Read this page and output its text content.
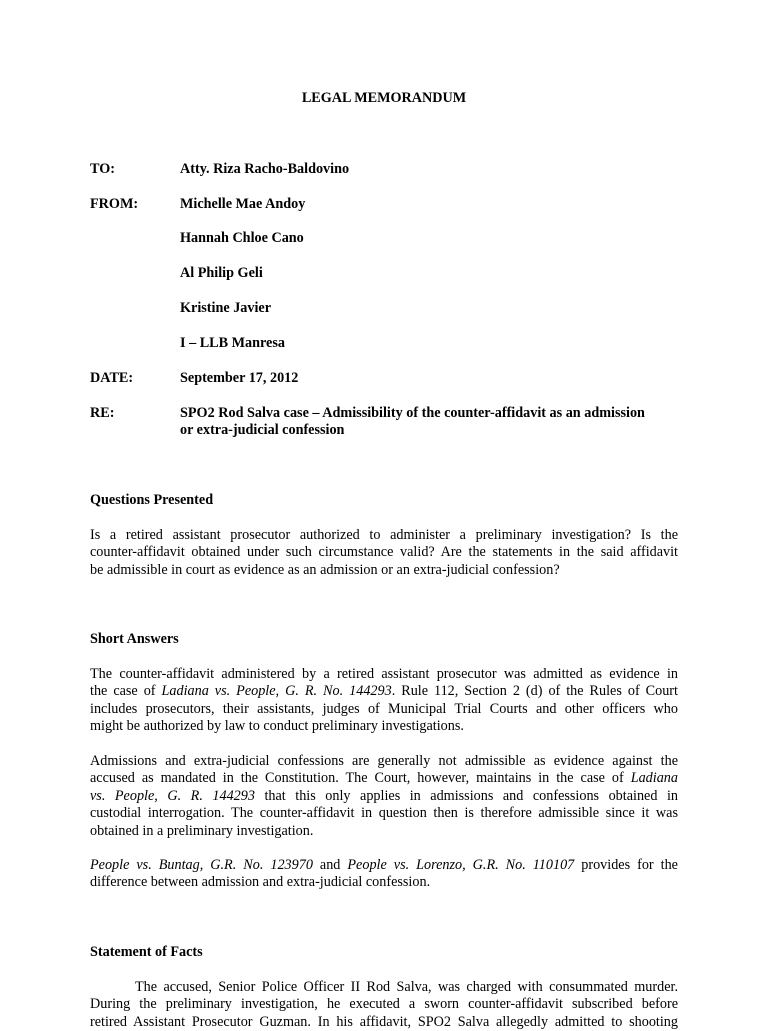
LEGAL MEMORANDUM
TO:	Atty. Riza Racho-Baldovino
FROM:	Michelle Mae Andoy
Hannah Chloe Cano
Al Philip Geli
Kristine Javier
I – LLB Manresa
DATE:	September 17, 2012
RE:	SPO2 Rod Salva case – Admissibility of the counter-affidavit as an admission
or extra-judicial confession
Questions Presented
Is a retired assistant prosecutor authorized to administer a preliminary investigation? Is the
counter-affidavit obtained under such circumstance valid? Are the statements in the said affidavit
be admissible in court as evidence as an admission or an extra-judicial confession?
Short Answers
The counter-affidavit administered by a retired assistant prosecutor was admitted as evidence in
the case of Ladiana vs. People, G. R. No. 144293. Rule 112, Section 2 (d) of the Rules of Court
includes prosecutors, their assistants, judges of Municipal Trial Courts and other officers who
might be authorized by law to conduct preliminary investigations.
Admissions and extra-judicial confessions are generally not admissible as evidence against the
accused as mandated in the Constitution. The Court, however, maintains in the case of Ladiana
vs. People, G. R. 144293 that this only applies in admissions and confessions obtained in
custodial interrogation. The counter-affidavit in question then is therefore admissible since it was
obtained in a preliminary investigation.
People vs. Buntag, G.R. No. 123970 and People vs. Lorenzo, G.R. No. 110107 provides for the
difference between admission and extra-judicial confession.
Statement of Facts
The accused, Senior Police Officer II Rod Salva, was charged with consummated murder.
During the preliminary investigation, he executed a sworn counter-affidavit subscribed before
retired Assistant Prosecutor Guzman. In his affidavit, SPO2 Salva allegedly admitted to shooting
